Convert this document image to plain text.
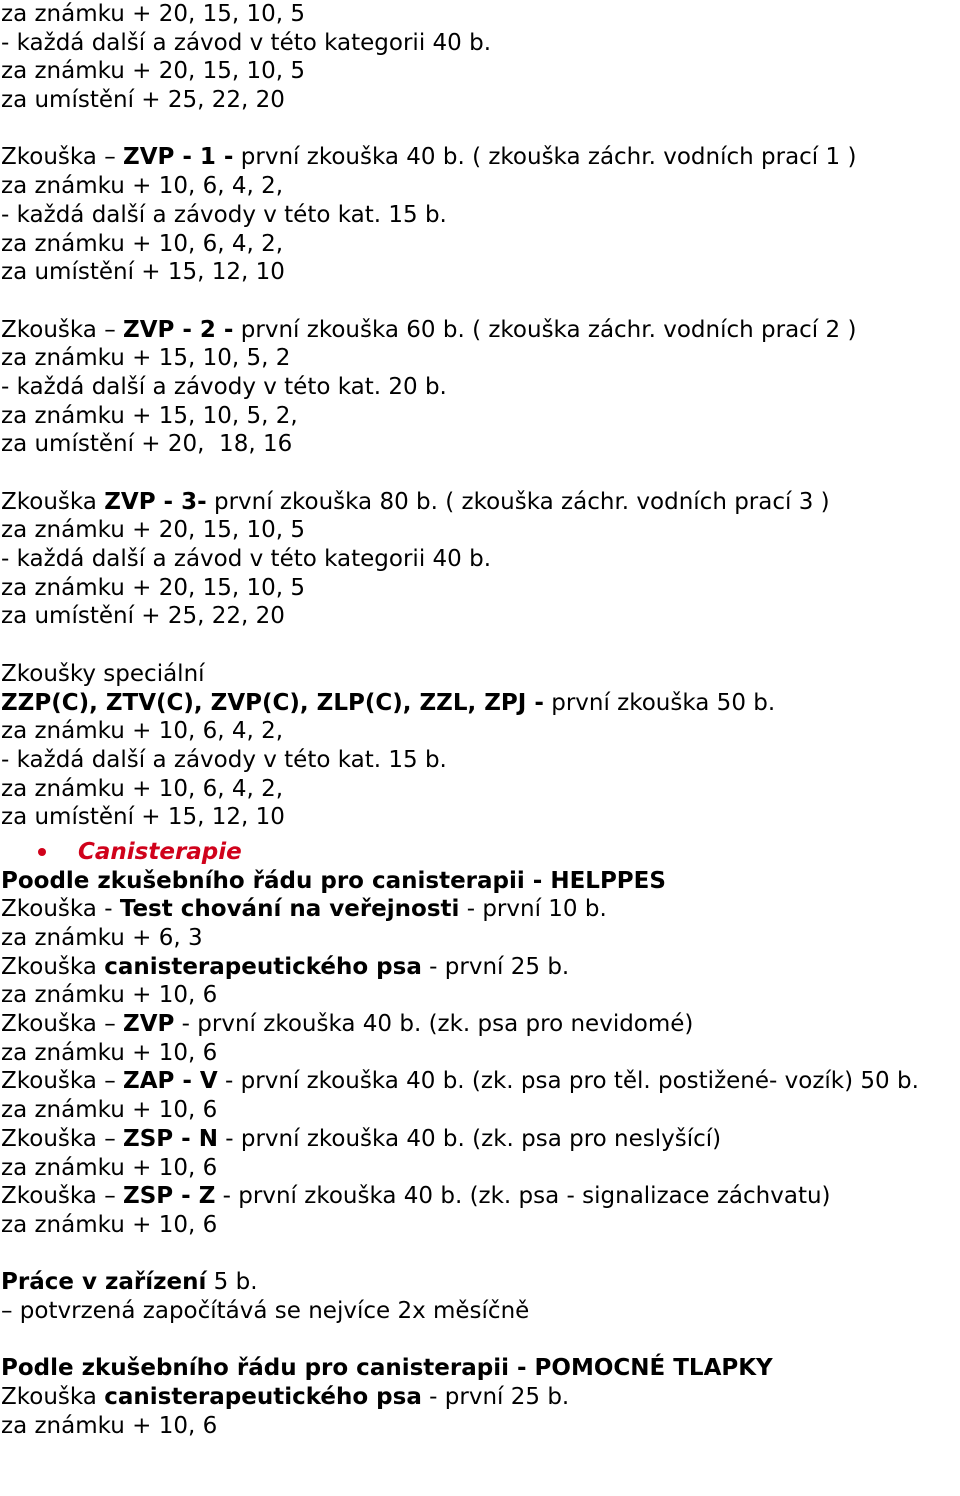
za známku + 20, 15, 10, 5
- každá další a závod v této kategorii 40 b.
za známku + 20, 15, 10, 5
za umístění + 25, 22, 20
Zkouška – ZVP - 1 - první zkouška 40 b. ( zkouška záchr. vodních prací 1 )
za známku + 10, 6, 4, 2,
- každá další a závody v této kat. 15 b.
za známku + 10, 6, 4, 2,
za umístění + 15, 12, 10
Zkouška – ZVP - 2 - první zkouška 60 b. ( zkouška záchr. vodních prací 2 )
za známku + 15, 10, 5, 2
- každá další a závody v této kat. 20 b.
za známku + 15, 10, 5, 2,
za umístění + 20,  18, 16
Zkouška ZVP - 3- první zkouška 80 b. ( zkouška záchr. vodních prací 3 )
za známku + 20, 15, 10, 5
- každá další a závod v této kategorii 40 b.
za známku + 20, 15, 10, 5
za umístění + 25, 22, 20
Zkoušky speciální
ZZP(C), ZTV(C), ZVP(C), ZLP(C), ZZL, ZPJ - první zkouška 50 b.
za známku + 10, 6, 4, 2,
- každá další a závody v této kat. 15 b.
za známku + 10, 6, 4, 2,
za umístění + 15, 12, 10
Canisterapie
Poodle zkušebního řádu pro canisterapii - HELPPES
Zkouška - Test chování na veřejnosti - první 10 b.
za známku + 6, 3
Zkouška canisterapeutického psa - první 25 b.
za známku + 10, 6
Zkouška – ZVP - první zkouška 40 b. (zk. psa pro nevidomé)
za známku + 10, 6
Zkouška – ZAP - V - první zkouška 40 b. (zk. psa pro těl. postižené- vozík) 50 b.
za známku + 10, 6
Zkouška – ZSP - N - první zkouška 40 b. (zk. psa pro neslyšící)
za známku + 10, 6
Zkouška – ZSP - Z - první zkouška 40 b. (zk. psa - signalizace záchvatu)
za známku + 10, 6
Práce v zařízení 5 b.
– potvrzená započítává se nejvíce 2x měsíčně
Podle zkušebního řádu pro canisterapii - POMOCNÉ TLAPKY
Zkouška canisterapeutického psa - první 25 b.
za známku + 10, 6
